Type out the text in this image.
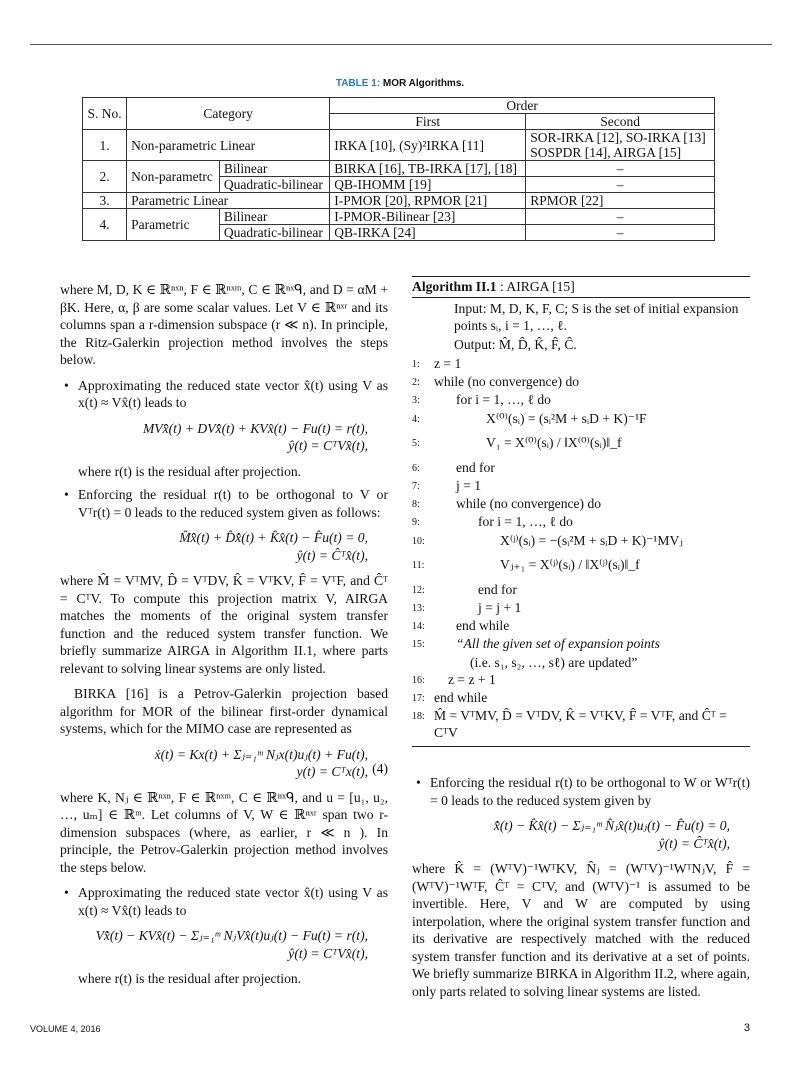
TABLE 1: MOR Algorithms.
S. No.	Category		Order	
			First	Second
1.	Non-parametric Linear		IRKA [10], (Sy)²IRKA [11]	SOR-IRKA [12], SO-IRKA [13]
SOSPDR [14], AIRGA [15]
2.	Non-parametrc	Bilinear	BIRKA [16], TB-IRKA [17], [18]	–
		Quadratic-bilinear	QB-IHOMM [19]	–
3.	Parametric Linear		I-PMOR [20], RPMOR [21]	RPMOR [22]
4.	Parametric	Bilinear	I-PMOR-Bilinear [23]	–
		Quadratic-bilinear	QB-IRKA [24]	–

where M, D, K ∈ ℝⁿˣⁿ, F ∈ ℝⁿˣᵐ, C ∈ ℝⁿˣᑫ, and D = αM + βK. Here, α, β are some scalar values. Let V ∈ ℝⁿˣʳ and its columns span a r-dimension subspace (r ≪ n). In principle, the Ritz-Galerkin projection method involves the steps below.

• Approximating the reduced state vector x̂(t) using V as x(t) ≈ Vx̂(t) leads to
MVx̂̈(t) + DVx̂̇(t) + KVx̂(t) − Fu(t) = r(t),
ŷ(t) = CᵀVx̂(t),
where r(t) is the residual after projection.
• Enforcing the residual r(t) to be orthogonal to V or Vᵀr(t) = 0 leads to the reduced system given as follows:
M̂x̂̈(t) + D̂x̂̇(t) + K̂x̂(t) − F̂u(t) = 0,
ŷ(t) = Ĉᵀx̂(t),

where M̂ = VᵀMV, D̂ = VᵀDV, K̂ = VᵀKV, F̂ = VᵀF, and Ĉᵀ = CᵀV. To compute this projection matrix V, AIRGA matches the moments of the original system transfer function and the reduced system transfer function. We briefly summarize AIRGA in Algorithm II.1, where parts relevant to solving linear systems are only listed.

BIRKA [16] is a Petrov-Galerkin projection based algorithm for MOR of the bilinear first-order dynamical systems, which for the MIMO case are represented as

ẋ(t) = Kx(t) + Σⱼ₌₁ᵐ Nⱼx(t)uⱼ(t) + Fu(t),
y(t) = Cᵀx(t), (4)

where K, Nⱼ ∈ ℝⁿˣⁿ, F ∈ ℝⁿˣᵐ, C ∈ ℝⁿˣᑫ, and u = [u₁, u₂, …, uₘ] ∈ ℝᵐ. Let columns of V, W ∈ ℝⁿˣʳ span two r-dimension subspaces (where, as earlier, r ≪ n ). In principle, the Petrov-Galerkin projection method involves the steps below.

• Approximating the reduced state vector x̂(t) using V as x(t) ≈ Vx̂(t) leads to
Vx̂̇(t) − KVx̂(t) − Σⱼ₌₁ᵐ NⱼVx̂(t)uⱼ(t) − Fu(t) = r(t),
ŷ(t) = CᵀVx̂(t),
where r(t) is the residual after projection.
Algorithm II.1 : AIRGA [15]
Input: M, D, K, F, C; S is the set of initial expansion points sᵢ, i = 1, …, ℓ.
Output: M̂, D̂, K̂, F̂, Ĉ.
1:	z = 1
2:	while (no convergence) do
3:	for i = 1, …, ℓ do
4:	X⁽⁰⁾(sᵢ) = (sᵢ²M + sᵢD + K)⁻¹F
5:	V₁ = X⁽⁰⁾(sᵢ) / ‖X⁽⁰⁾(sᵢ)‖_f
6:	end for
7:	j = 1
8:	while (no convergence) do
9:	for i = 1, …, ℓ do
10:	X⁽ʲ⁾(sᵢ) = −(sᵢ²M + sᵢD + K)⁻¹MVⱼ
11:	Vⱼ₊₁ = X⁽ʲ⁾(sᵢ) / ‖X⁽ʲ⁾(sᵢ)‖_f
12:	end for
13:	j = j + 1
14:	end while
15:	“All the given set of expansion points
(i.e. s₁, s₂, …, sℓ) are updated”
16:	z = z + 1
17: end while
18: M̂ = VᵀMV, D̂ = VᵀDV, K̂ = VᵀKV, F̂ = VᵀF, and Ĉᵀ = CᵀV
• Enforcing the residual r(t) to be orthogonal to W or Wᵀr(t) = 0 leads to the reduced system given by
x̂̇(t) − K̂x̂(t) − Σⱼ₌₁ᵐ N̂ⱼx̂(t)uⱼ(t) − F̂u(t) = 0,
ŷ(t) = Ĉᵀx̂(t),

where K̂ = (WᵀV)⁻¹WᵀKV, N̂ⱼ = (WᵀV)⁻¹WᵀNⱼV, F̂ = (WᵀV)⁻¹WᵀF, Ĉᵀ = CᵀV, and (WᵀV)⁻¹ is assumed to be invertible. Here, V and W are computed by using interpolation, where the original system transfer function and its derivative are respectively matched with the reduced system transfer function and its derivative at a set of points. We briefly summarize BIRKA in Algorithm II.2, where again, only parts related to solving linear systems are listed.

VOLUME 4, 2016	3
